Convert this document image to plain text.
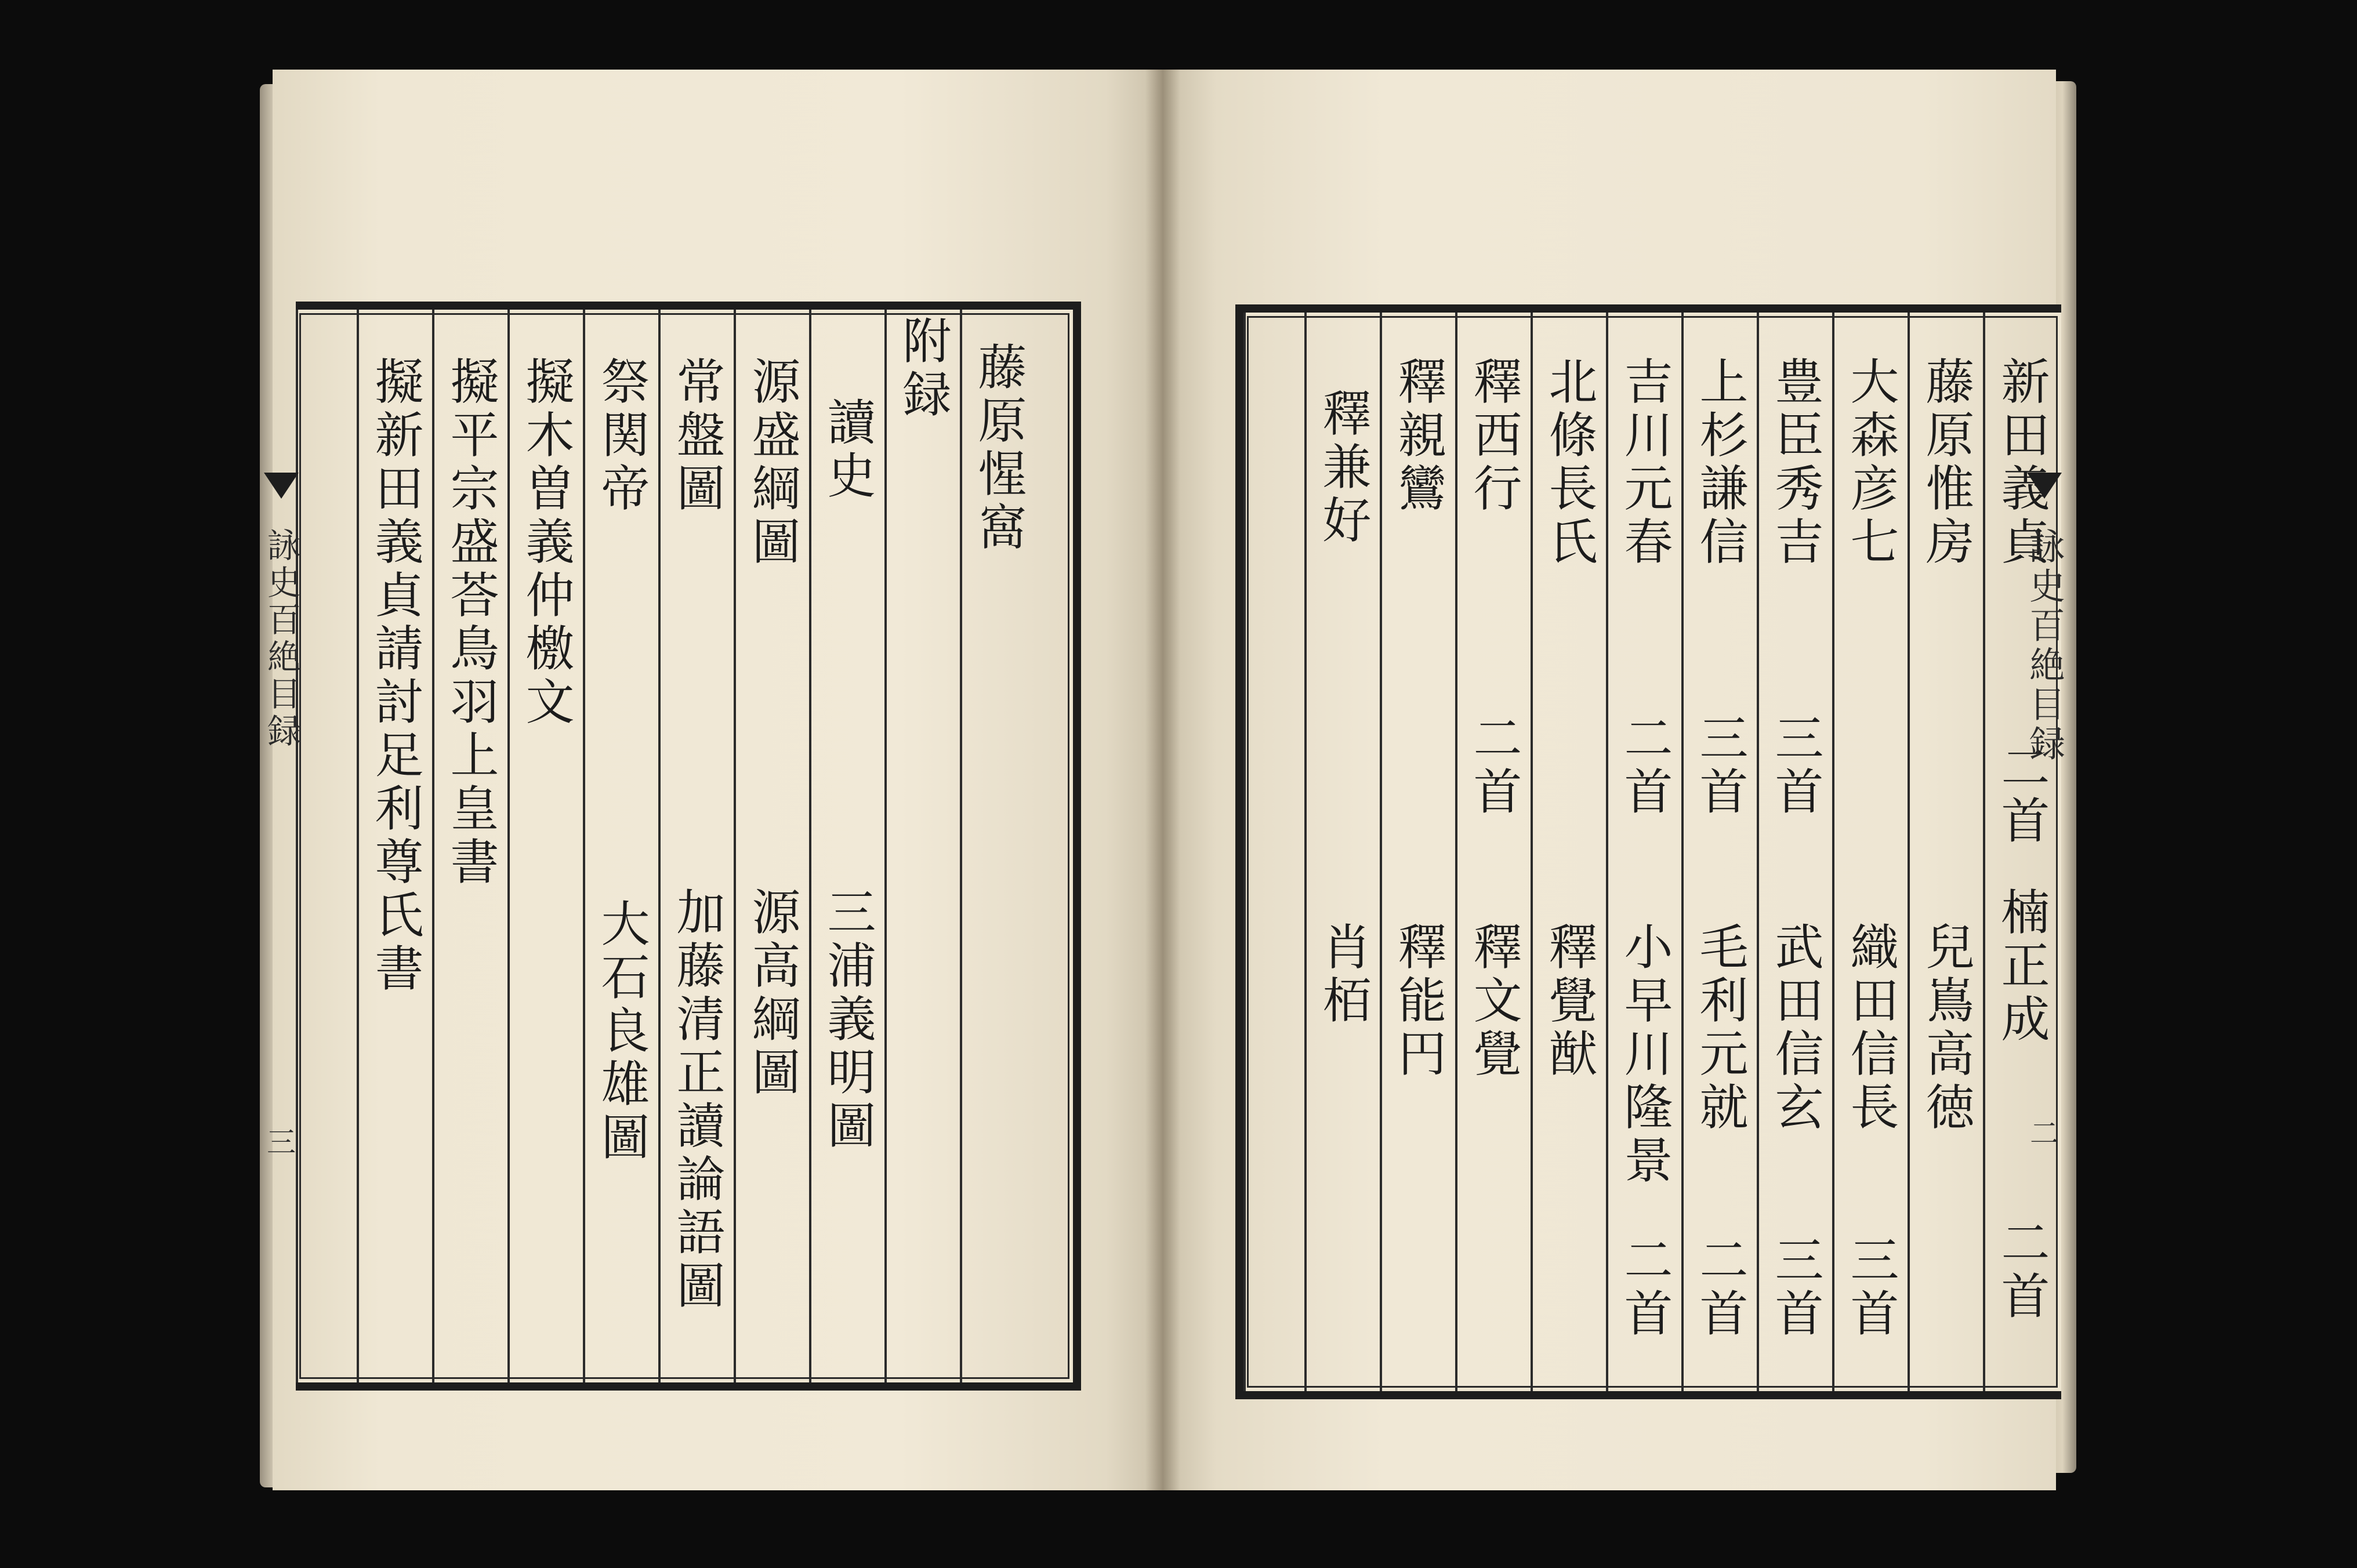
藤原惺窩
附録
讀史
三浦義明圖
源盛綱圖
源高綱圖
常盤圖
加藤清正讀論語圖
祭関帝
大石良雄圖
擬木曽義仲檄文
擬平宗盛荅鳥羽上皇書
擬新田義貞請討足利尊氏書	新田義貞
二首
楠正成
二首
藤原惟房
兒嶌高徳
大森彦七
織田信長
三首
豊臣秀吉
三首
武田信玄
三首
上杉謙信
三首
毛利元就
二首
吉川元春
二首
小早川隆景
二首
北條長氏
釋覺猷
釋西行
二首
釋文覺
釋親鸞
釋能円
釋兼好
肖栢
詠史百絶目録
三
詠史百絶目録
二
